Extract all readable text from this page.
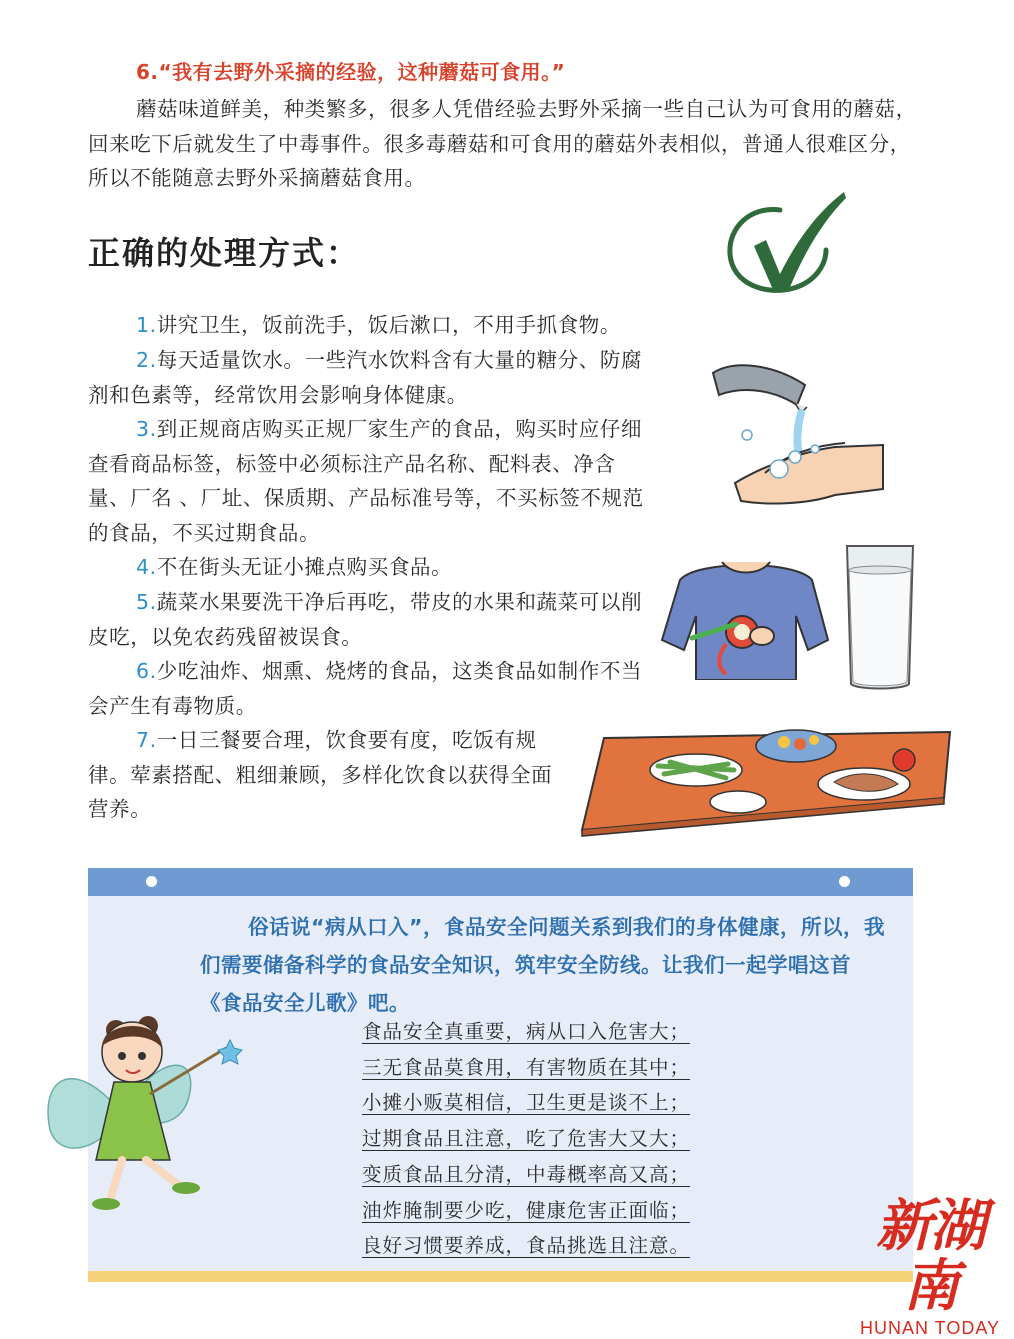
6.“我有去野外采摘的经验，这种蘑菇可食用。”

蘑菇味道鲜美，种类繁多，很多人凭借经验去野外采摘一些自己认为可食用的蘑菇，回来吃下后就发生了中毒事件。很多毒蘑菇和可食用的蘑菇外表相似，普通人很难区分，所以不能随意去野外采摘蘑菇食用。

正确的处理方式：

1.讲究卫生，饭前洗手，饭后漱口，不用手抓食物。

2.每天适量饮水。一些汽水饮料含有大量的糖分、防腐剂和色素等，经常饮用会影响身体健康。

3.到正规商店购买正规厂家生产的食品，购买时应仔细查看商品标签，标签中必须标注产品名称、配料表、净含量、厂名 、厂址、保质期、产品标准号等，不买标签不规范的食品，不买过期食品。

4.不在街头无证小摊点购买食品。

5.蔬菜水果要洗干净后再吃，带皮的水果和蔬菜可以削皮吃，以免农药残留被误食。

6.少吃油炸、烟熏、烧烤的食品，这类食品如制作不当会产生有毒物质。

7.一日三餐要合理，饮食要有度，吃饭有规律。荤素搭配、粗细兼顾，多样化饮食以获得全面营养。

俗话说“病从口入”，食品安全问题关系到我们的身体健康，所以，我们需要储备科学的食品安全知识，筑牢安全防线。让我们一起学唱这首《食品安全儿歌》吧。

食品安全真重要，病从口入危害大；

三无食品莫食用，有害物质在其中；

小摊小贩莫相信，卫生更是谈不上；

过期食品且注意，吃了危害大又大；

变质食品且分清，中毒概率高又高；

油炸腌制要少吃，健康危害正面临；

良好习惯要养成，食品挑选且注意。	新湖南
HUNAN TODAY
